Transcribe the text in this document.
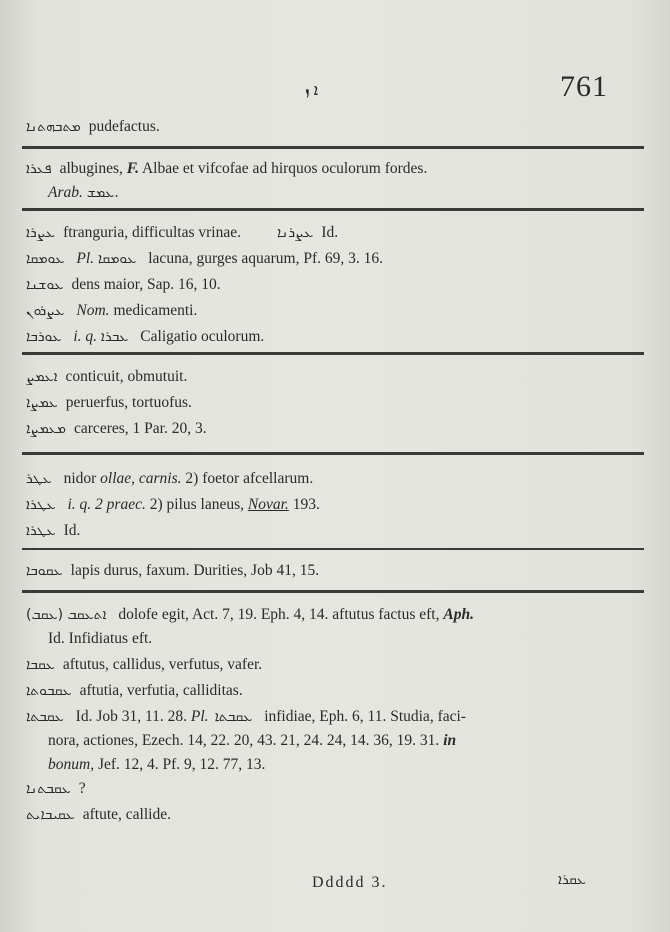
ܐ ܙ	761
ܡܬܒܗܬܢܐ pudefactus.
ܦܥܪܐ albugines, F. Albae et vifcofae ad hirquos oculorum fordes.
Arab. ܥܡܫ.
ܥܨܪܐ ftranguria, difficultas vrinae.	ܥܨܪܢܐ Id.
ܥܘܡܩܐ Pl. ܥܘܡܩܐ lacuna, gurges aquarum, Pf. 69, 3. 16.
ܥܘܫܢܐ dens maior, Sap. 16, 10.
ܥܨܪܘܢ Nom. medicamenti.
ܥܘܪܒܐ i. q. ܥܒܪܐ Caligatio oculorum.
ܐܥܡܨ conticuit, obmutuit.
ܥܡܨܐ peruerfus, tortuofus.
ܡܥܡܨܐ carceres, 1 Par. 20, 3.
ܥܛܪ nidor ollae, carnis. 2) foetor afcellarum.
ܥܛܪܐ i. q. 2 praec. 2) pilus laneus, Novar. 193.
ܥܛܪܐ Id.
ܥܩܘܒܐ lapis durus, faxum. Durities, Job 41, 15.
(ܥܩܒ) ܐܬܥܩܒ dolofe egit, Act. 7, 19. Eph. 4, 14. aftutus factus eft, Aph.
Id. Infidiatus eft.
ܥܩܒܐ aftutus, callidus, verfutus, vafer.
ܥܩܒܘܬܐ aftutia, verfutia, calliditas.
ܥܩܒܬܐ Id. Job 31, 11. 28. Pl. ܥܩܒܬܐ infidiae, Eph. 6, 11. Studia, faci-
nora, actiones, Ezech. 14, 22. 20, 43. 21, 24. 24, 14. 36, 19. 31. in
bonum, Jef. 12, 4. Pf. 9, 12. 77, 13.
ܥܩܒܬܢܐ ?
ܥܩܝܒܐܝܬ aftute, callide.
Ddddd 3.	ܥܩܪܐ
